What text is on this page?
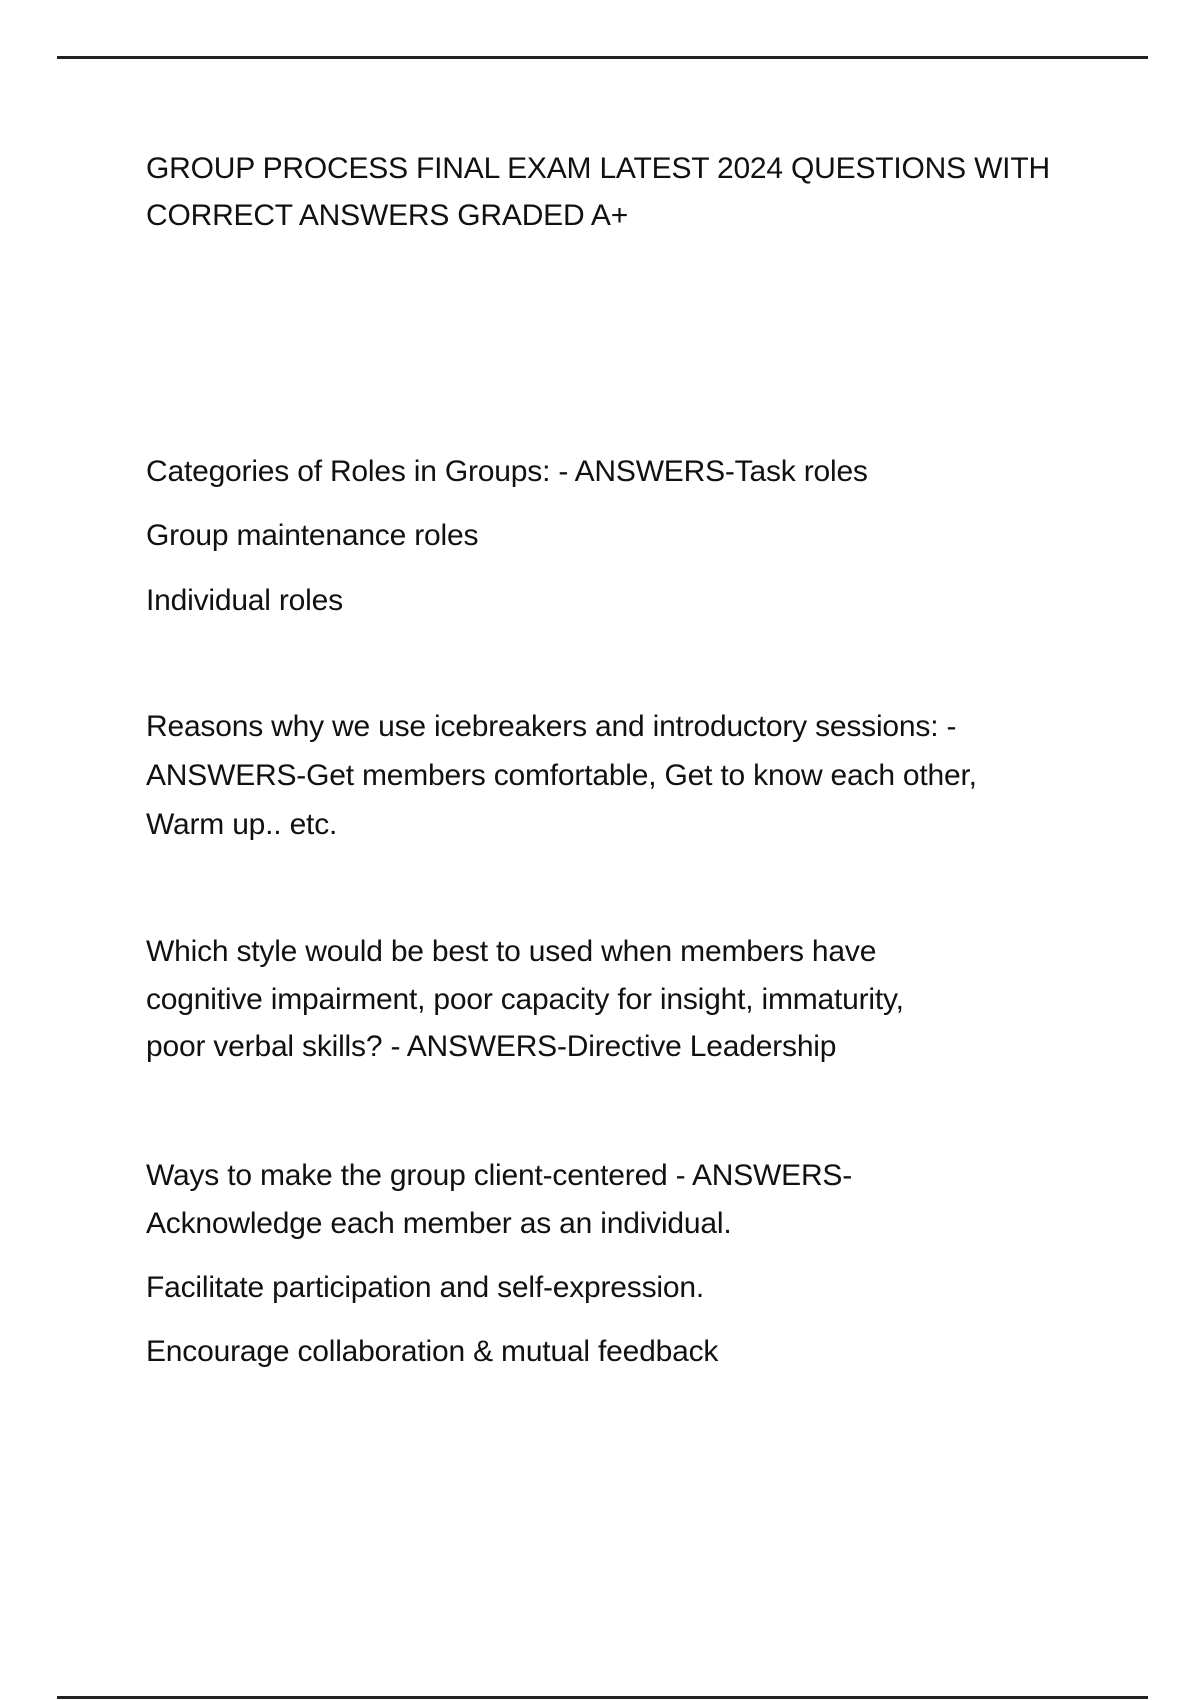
GROUP PROCESS FINAL EXAM LATEST 2024 QUESTIONS WITH
CORRECT ANSWERS GRADED A+
Categories of Roles in Groups: - ANSWERS-Task roles
Group maintenance roles
Individual roles
Reasons why we use icebreakers and introductory sessions: -
ANSWERS-Get members comfortable, Get to know each other,
Warm up.. etc.
Which style would be best to used when members have
cognitive impairment, poor capacity for insight, immaturity,
poor verbal skills? - ANSWERS-Directive Leadership
Ways to make the group client-centered - ANSWERS-
Acknowledge each member as an individual.
Facilitate participation and self-expression.
Encourage collaboration & mutual feedback
